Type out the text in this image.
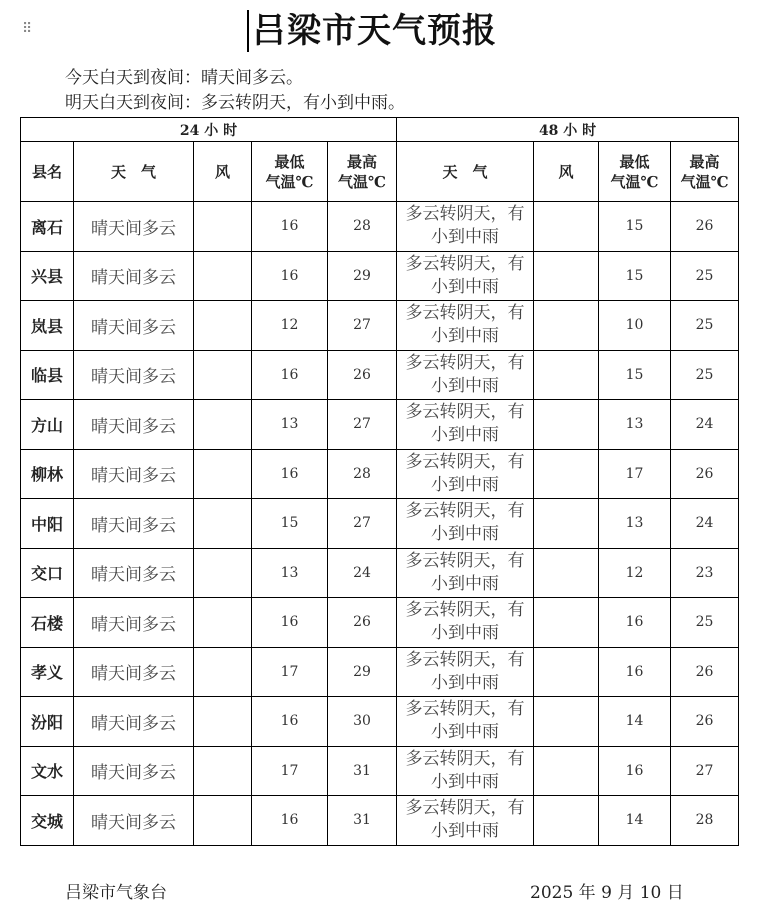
⠿	吕梁市天气预报
今天白天到夜间：晴天间多云。
明天白天到夜间：多云转阴天，有小到中雨。
24 小 时					48 小 时			
县名	天　气	风	最低
气温℃	最高
气温℃	天　气	风	最低
气温℃	最高
气温℃
离石	晴天间多云		16	28	多云转阴天，有
小到中雨		15	26
兴县	晴天间多云		16	29	多云转阴天，有
小到中雨		15	25
岚县	晴天间多云		12	27	多云转阴天，有
小到中雨		10	25
临县	晴天间多云		16	26	多云转阴天，有
小到中雨		15	25
方山	晴天间多云		13	27	多云转阴天，有
小到中雨		13	24
柳林	晴天间多云		16	28	多云转阴天，有
小到中雨		17	26
中阳	晴天间多云		15	27	多云转阴天，有
小到中雨		13	24
交口	晴天间多云		13	24	多云转阴天，有
小到中雨		12	23
石楼	晴天间多云		16	26	多云转阴天，有
小到中雨		16	25
孝义	晴天间多云		17	29	多云转阴天，有
小到中雨		16	26
汾阳	晴天间多云		16	30	多云转阴天，有
小到中雨		14	26
文水	晴天间多云		17	31	多云转阴天，有
小到中雨		16	27
交城	晴天间多云		16	31	多云转阴天，有
小到中雨		14	28
吕梁市气象台	2025 年 9 月 10 日
